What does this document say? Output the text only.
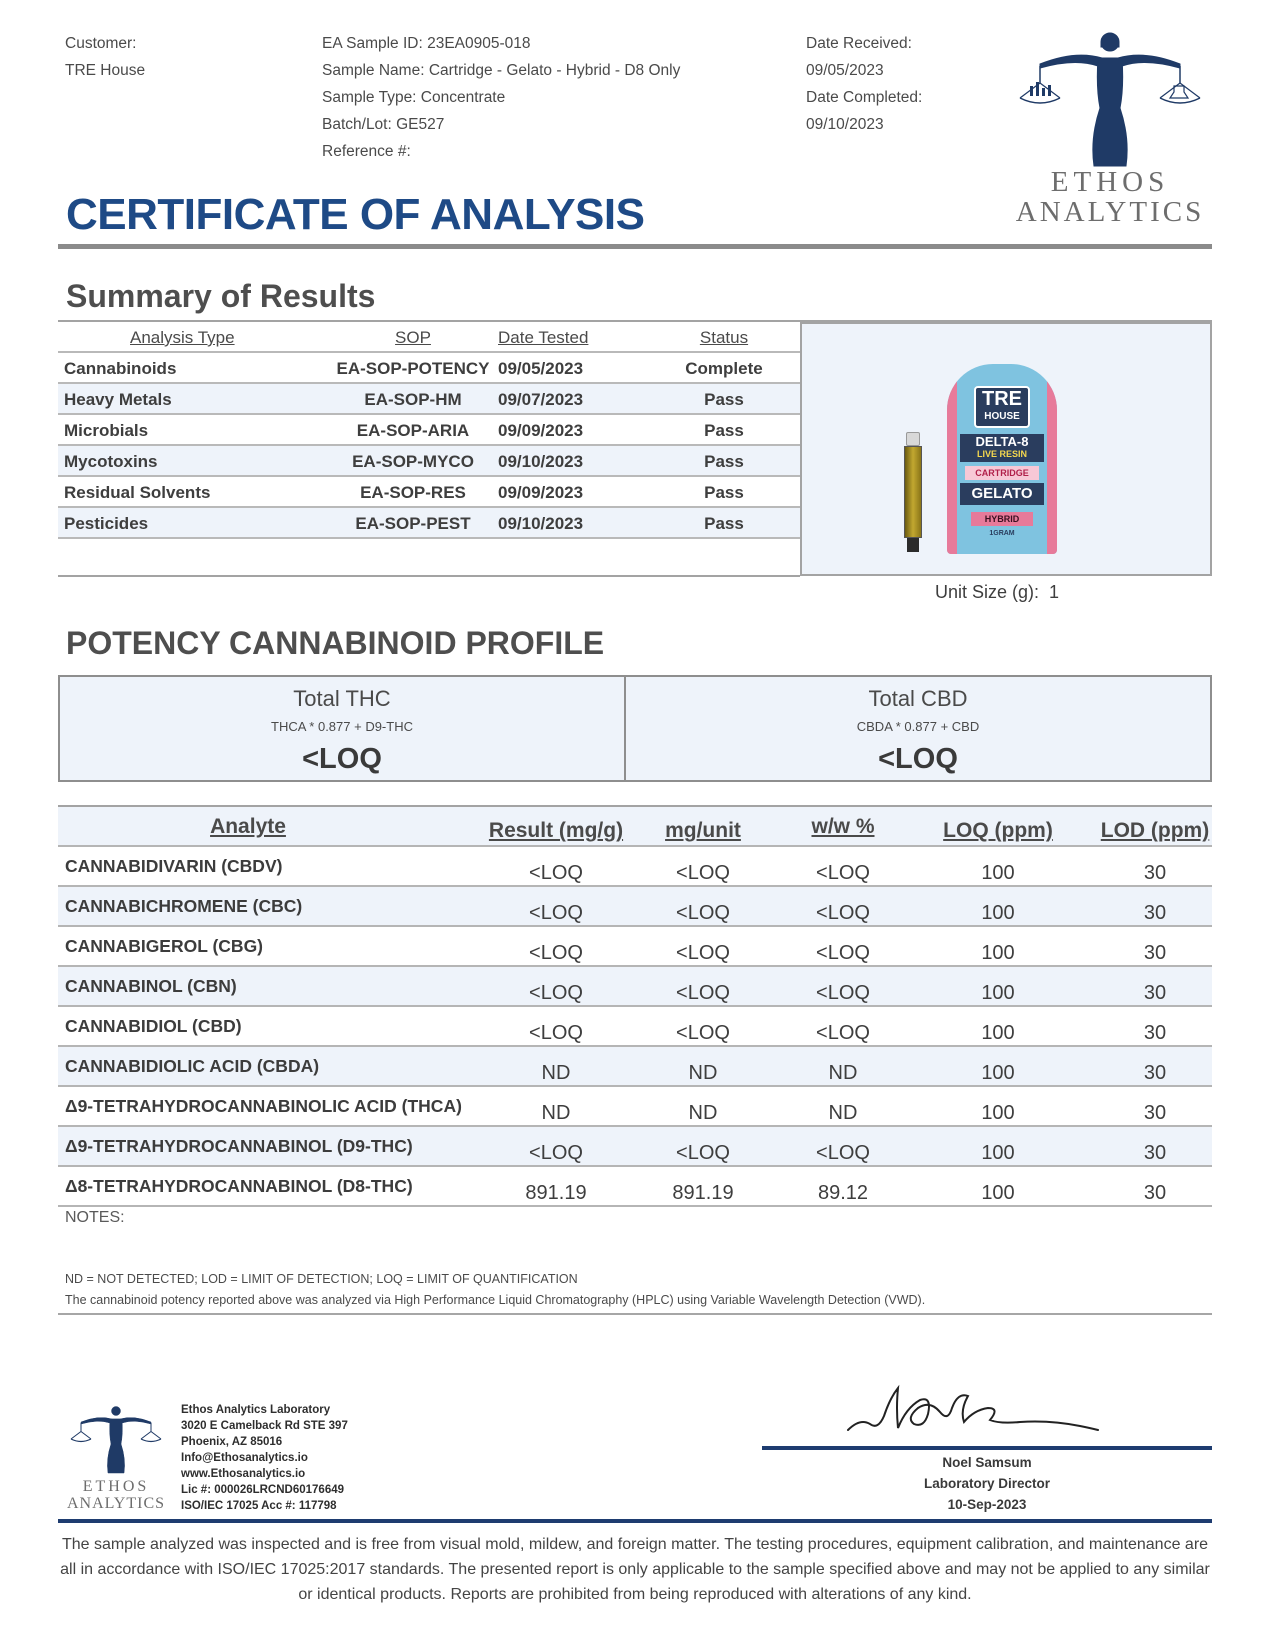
Customer:
TRE House
EA Sample ID: 23EA0905-018
Sample Name: Cartridge - Gelato - Hybrid - D8 Only
Sample Type: Concentrate
Batch/Lot: GE527
Reference #:
Date Received:
09/05/2023
Date Completed:
09/10/2023
ETHOS
ANALYTICS
CERTIFICATE OF ANALYSIS
Summary of Results
Analysis Type	SOP	Date Tested	Status
Cannabinoids	EA-SOP-POTENCY 09/05/2023	Complete
Heavy Metals	EA-SOP-HM	09/07/2023	Pass
Microbials	EA-SOP-ARIA	09/09/2023	Pass
Mycotoxins	EA-SOP-MYCO	09/10/2023	Pass
Residual Solvents	EA-SOP-RES	09/09/2023	Pass
Pesticides	EA-SOP-PEST	09/10/2023	Pass
TRE
HOUSE
DELTA-8
LIVE RESIN
CARTRIDGE
GELATO
HYBRID
1GRAM
Unit Size (g):  1
POTENCY CANNABINOID PROFILE
Total THC
THCA * 0.877 + D9-THC
<LOQ
Total CBD
CBDA * 0.877 + CBD
<LOQ
Analyte	Result (mg/g)	mg/unit	w/w %	LOQ (ppm)	LOD (ppm)
CANNABIDIVARIN (CBDV)	<LOQ	<LOQ	<LOQ	100	30
CANNABICHROMENE (CBC)	<LOQ	<LOQ	<LOQ	100	30
CANNABIGEROL (CBG)	<LOQ	<LOQ	<LOQ	100	30
CANNABINOL (CBN)	<LOQ	<LOQ	<LOQ	100	30
CANNABIDIOL (CBD)	<LOQ	<LOQ	<LOQ	100	30
CANNABIDIOLIC ACID (CBDA)	ND	ND	ND	100	30
Δ9-TETRAHYDROCANNABINOLIC ACID (THCA)	ND	ND	ND	100	30
Δ9-TETRAHYDROCANNABINOL (D9-THC)	<LOQ	<LOQ	<LOQ	100	30
Δ8-TETRAHYDROCANNABINOL (D8-THC)	891.19	891.19	89.12	100	30
NOTES:
ND = NOT DETECTED; LOD = LIMIT OF DETECTION; LOQ = LIMIT OF QUANTIFICATION
The cannabinoid potency reported above was analyzed via High Performance Liquid Chromatography (HPLC) using Variable Wavelength Detection (VWD).
ETHOS
ANALYTICS
Ethos Analytics Laboratory
3020 E Camelback Rd STE 397
Phoenix, AZ 85016
Info@Ethosanalytics.io
www.Ethosanalytics.io
Lic #: 000026LRCND60176649
ISO/IEC 17025 Acc #: 117798
Noel Samsum
Laboratory Director
10-Sep-2023
The sample analyzed was inspected and is free from visual mold, mildew, and foreign matter. The testing procedures, equipment calibration, and maintenance are all in accordance with ISO/IEC 17025:2017 standards. The presented report is only applicable to the sample specified above and may not be applied to any similar or identical products. Reports are prohibited from being reproduced with alterations of any kind.
